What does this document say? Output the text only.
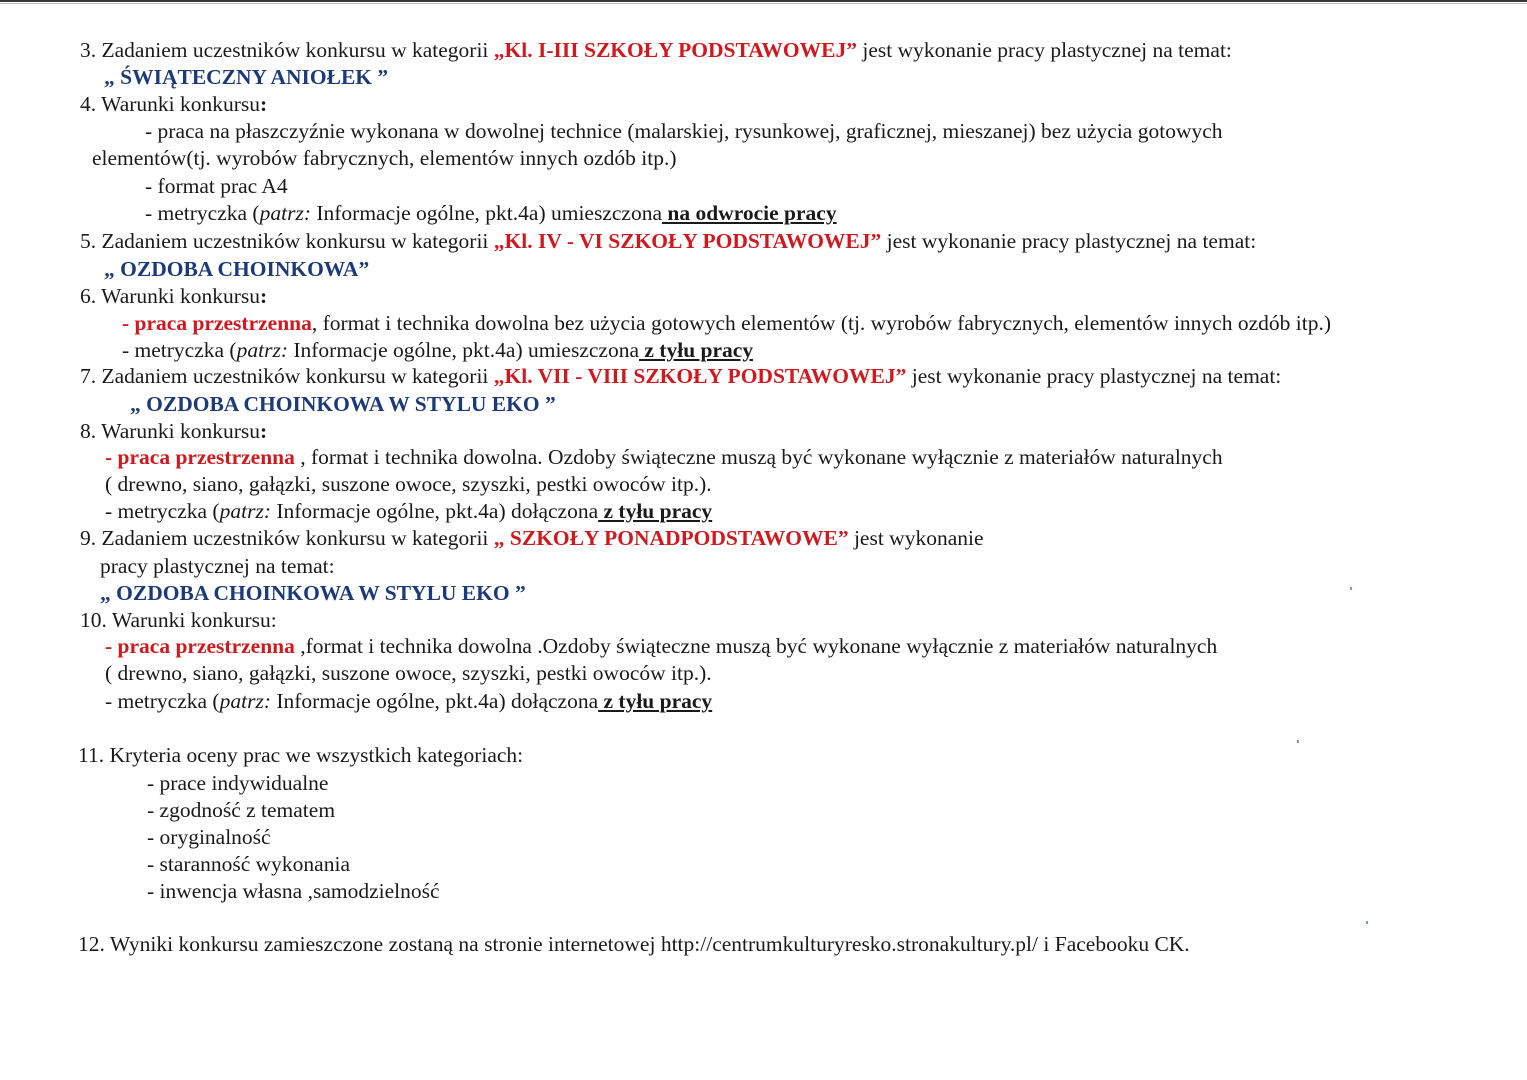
3. Zadaniem uczestników konkursu w kategorii „Kl. I-III SZKOŁY PODSTAWOWEJ” jest wykonanie pracy plastycznej na temat:
„ ŚWIĄTECZNY ANIOŁEK ”
4. Warunki konkursu:
- praca na płaszczyźnie wykonana w dowolnej technice (malarskiej, rysunkowej, graficznej, mieszanej) bez użycia gotowych
elementów(tj. wyrobów fabrycznych, elementów innych ozdób itp.)
- format prac A4
- metryczka (patrz: Informacje ogólne, pkt.4a) umieszczona na odwrocie pracy
5. Zadaniem uczestników konkursu w kategorii „Kl. IV - VI SZKOŁY PODSTAWOWEJ” jest wykonanie pracy plastycznej na temat:
„ OZDOBA CHOINKOWA”
6. Warunki konkursu:
- praca przestrzenna, format i technika dowolna bez użycia gotowych elementów (tj. wyrobów fabrycznych, elementów innych ozdób itp.)
- metryczka (patrz: Informacje ogólne, pkt.4a) umieszczona z tyłu pracy
7. Zadaniem uczestników konkursu w kategorii „Kl. VII - VIII SZKOŁY PODSTAWOWEJ” jest wykonanie pracy plastycznej na temat:
„ OZDOBA CHOINKOWA W STYLU EKO ”
8. Warunki konkursu:
- praca przestrzenna , format i technika dowolna. Ozdoby świąteczne muszą być wykonane wyłącznie z materiałów naturalnych
( drewno, siano, gałązki, suszone owoce, szyszki, pestki owoców itp.).
- metryczka (patrz: Informacje ogólne, pkt.4a) dołączona z tyłu pracy
9. Zadaniem uczestników konkursu w kategorii „ SZKOŁY PONADPODSTAWOWE” jest wykonanie
pracy plastycznej na temat:
„ OZDOBA CHOINKOWA W STYLU EKO ”
10. Warunki konkursu:
- praca przestrzenna ,format i technika dowolna .Ozdoby świąteczne muszą być wykonane wyłącznie z materiałów naturalnych
( drewno, siano, gałązki, suszone owoce, szyszki, pestki owoców itp.).
- metryczka (patrz: Informacje ogólne, pkt.4a) dołączona z tyłu pracy
11. Kryteria oceny prac we wszystkich kategoriach:
- prace indywidualne
- zgodność z tematem
- oryginalność
- staranność wykonania
- inwencja własna ,samodzielność
12. Wyniki konkursu zamieszczone zostaną na stronie internetowej http://centrumkulturyresko.stronakultury.pl/ i Facebooku CK.
